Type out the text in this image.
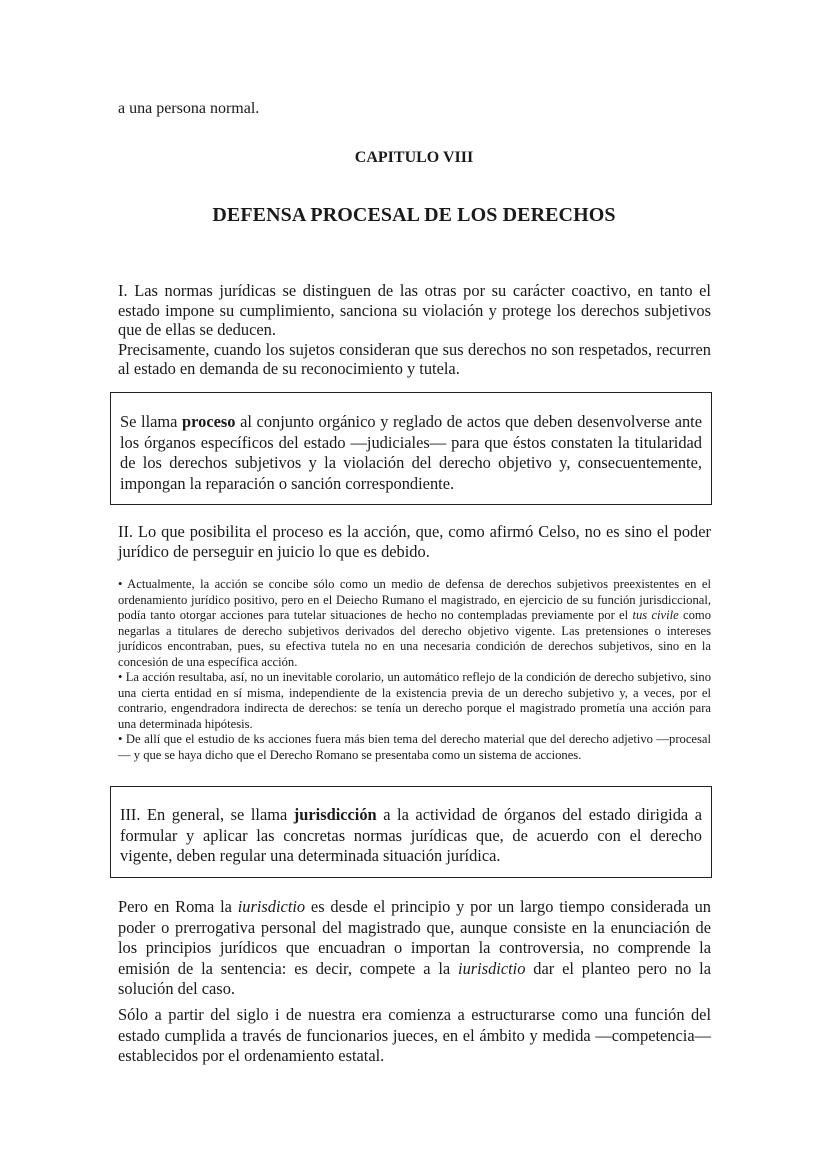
a una persona normal.

CAPITULO VIII
DEFENSA PROCESAL DE LOS DERECHOS

I. Las normas jurídicas se distinguen de las otras por su carácter coactivo, en tanto el estado impone su cumplimiento, sanciona su violación y protege los derechos subjetivos que de ellas se deducen.

Precisamente, cuando los sujetos consideran que sus derechos no son respetados, recurren al estado en demanda de su reconocimiento y tutela.

Se llama proceso al conjunto orgánico y reglado de actos que deben desenvolverse ante los órganos específicos del estado —judiciales— para que éstos constaten la titularidad de los derechos subjetivos y la violación del derecho objetivo y, consecuentemente, impongan la reparación o sanción correspondiente.

II. Lo que posibilita el proceso es la acción, que, como afirmó Celso, no es sino el poder jurídico de perseguir en juicio lo que es debido.

• Actualmente, la acción se concibe sólo como un medio de defensa de derechos subjetivos preexistentes en el ordenamiento jurídico positivo, pero en el Deiecho Rumano el magistrado, en ejercicio de su función jurisdiccional, podía tanto otorgar acciones para tutelar situaciones de hecho no contempladas previamente por el tus civile como negarlas a titulares de derecho subjetivos derivados del derecho objetivo vigente. Las pretensiones o intereses jurídicos encontraban, pues, su efectiva tutela no en una necesaria condición de derechos subjetivos, sino en la concesión de una específica acción.

• La acción resultaba, así, no un inevitable corolario, un automático reflejo de la condición de derecho subjetivo, sino una cierta entidad en sí misma, independiente de la existencia previa de un derecho subjetivo y, a veces, por el contrario, engendradora indirecta de derechos: se tenía un derecho porque el magistrado prometía una acción para una determinada hipótesis.

• De allí que el estudio de ks acciones fuera más bien tema del derecho material que del derecho adjetivo —procesal— y que se haya dicho que el Derecho Romano se presentaba como un sistema de acciones.

III. En general, se llama jurisdicción a la actividad de órganos del estado dirigida a formular y aplicar las concretas normas jurídicas que, de acuerdo con el derecho vigente, deben regular una determinada situación jurídica.

Pero en Roma la iurisdictio es desde el principio y por un largo tiempo considerada un poder o prerrogativa personal del magistrado que, aunque consiste en la enunciación de los principios jurídicos que encuadran o importan la controversia, no comprende la emisión de la sentencia: es decir, compete a la iurisdictio dar el planteo pero no la solución del caso.

Sólo a partir del siglo i de nuestra era comienza a estructurarse como una función del estado cumplida a través de funcionarios jueces, en el ámbito y medida —competencia— establecidos por el ordenamiento estatal.
